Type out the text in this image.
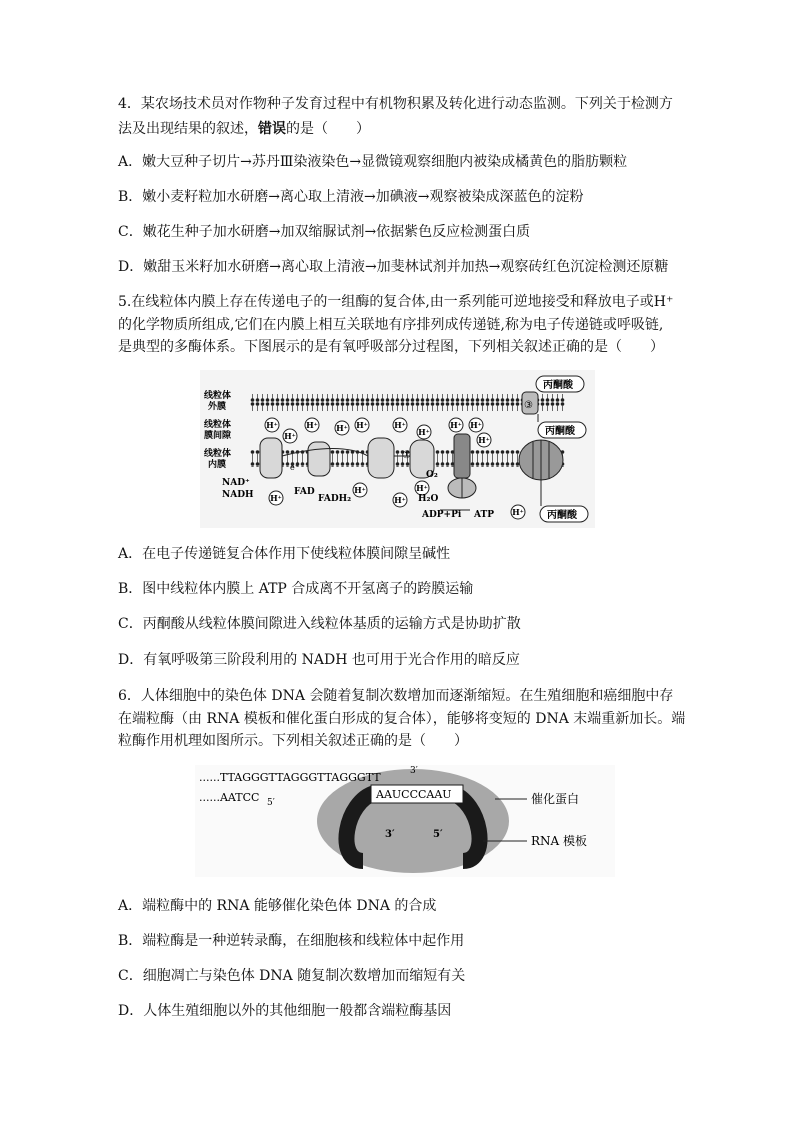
4．某农场技术员对作物种子发育过程中有机物积累及转化进行动态监测。下列关于检测方
法及出现结果的叙述，错误的是（　　）
A．嫩大豆种子切片→苏丹Ⅲ染液染色→显微镜观察细胞内被染成橘黄色的脂肪颗粒
B．嫩小麦籽粒加水研磨→离心取上清液→加碘液→观察被染成深蓝色的淀粉
C．嫩花生种子加水研磨→加双缩脲试剂→依据紫色反应检测蛋白质
D．嫩甜玉米籽加水研磨→离心取上清液→加斐林试剂并加热→观察砖红色沉淀检测还原糖
5.在线粒体内膜上存在传递电子的一组酶的复合体,由一系列能可逆地接受和释放电子或H⁺
的化学物质所组成,它们在内膜上相互关联地有序排列成传递链,称为电子传递链或呼吸链,
是典型的多酶体系。下图展示的是有氧呼吸部分过程图，下列相关叙述正确的是（　　）
线粒体
外膜
线粒体
膜间隙
线粒体
内膜
①
③
丙酮酸
丙酮酸
丙酮酸
H⁺
H⁺
H⁺ H⁺ H⁺	H⁺
H⁺
H⁺
H⁺
H⁺
H⁺
H⁺
H⁺
H⁺
H⁺
NAD⁺
NADH	FAD
FADH₂
O₂
H₂O
ADP+Pi ATP
e⁻
A．在电子传递链复合体作用下使线粒体膜间隙呈碱性
B．图中线粒体内膜上 ATP 合成离不开氢离子的跨膜运输
C．丙酮酸从线粒体膜间隙进入线粒体基质的运输方式是协助扩散
D．有氧呼吸第三阶段利用的 NADH 也可用于光合作用的暗反应
6．人体细胞中的染色体 DNA 会随着复制次数增加而逐渐缩短。在生殖细胞和癌细胞中存
在端粒酶（由 RNA 模板和催化蛋白形成的复合体），能够将变短的 DNA 末端重新加长。端
粒酶作用机理如图所示。下列相关叙述正确的是（　　）
AAUCCCAAU
......TTAGGGTTAGGGTTAGGGTT
......AATCC 5′
3′
3′	5′
催化蛋白
RNA 模板
A．端粒酶中的 RNA 能够催化染色体 DNA 的合成
B．端粒酶是一种逆转录酶，在细胞核和线粒体中起作用
C．细胞凋亡与染色体 DNA 随复制次数增加而缩短有关
D．人体生殖细胞以外的其他细胞一般都含端粒酶基因
